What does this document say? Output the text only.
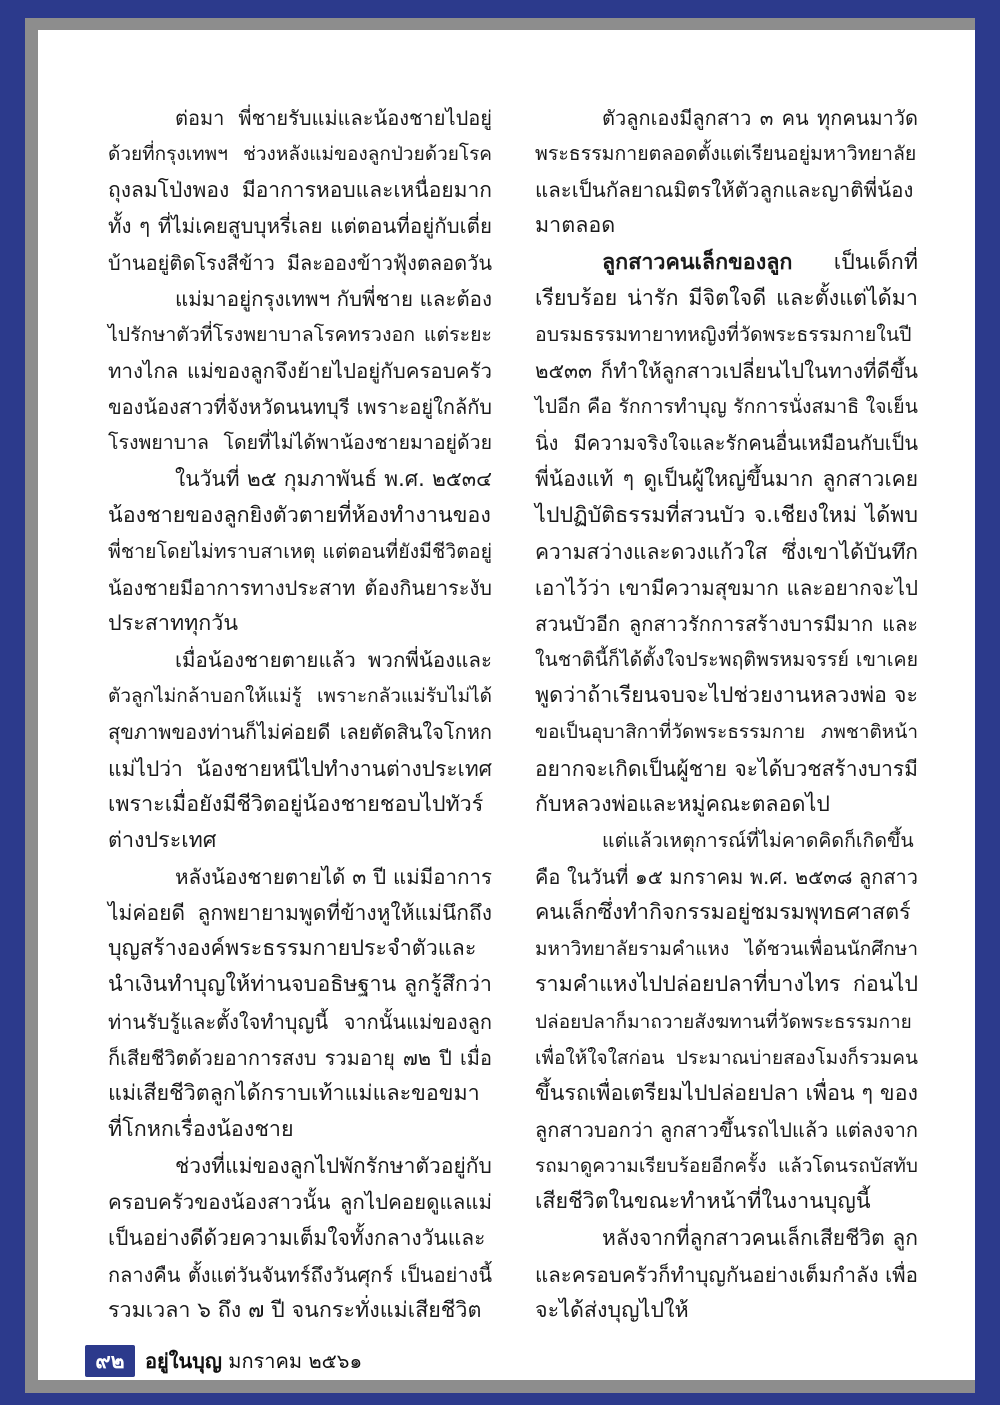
ต่อมา พี่ชายรับแม่และน้องชายไปอยู่
ด้วยที่กรุงเทพฯ ช่วงหลังแม่ของลูกป่วยด้วยโรค
ถุงลมโป่งพอง มีอาการหอบและเหนื่อยมาก
ทั้ง ๆ ที่ไม่เคยสูบบุหรี่เลย แต่ตอนที่อยู่กับเตี่ย
บ้านอยู่ติดโรงสีข้าว มีละอองข้าวฟุ้งตลอดวัน
แม่มาอยู่กรุงเทพฯ กับพี่ชาย และต้อง
ไปรักษาตัวที่โรงพยาบาลโรคทรวงอก แต่ระยะ
ทางไกล แม่ของลูกจึงย้ายไปอยู่กับครอบครัว
ของน้องสาวที่จังหวัดนนทบุรี เพราะอยู่ใกล้กับ
โรงพยาบาล โดยที่ไม่ได้พาน้องชายมาอยู่ด้วย
ในวันที่ ๒๕ กุมภาพันธ์ พ.ศ. ๒๕๓๔
น้องชายของลูกยิงตัวตายที่ห้องทำงานของ
พี่ชายโดยไม่ทราบสาเหตุ แต่ตอนที่ยังมีชีวิตอยู่
น้องชายมีอาการทางประสาท ต้องกินยาระงับ
ประสาททุกวัน
เมื่อน้องชายตายแล้ว พวกพี่น้องและ
ตัวลูกไม่กล้าบอกให้แม่รู้ เพราะกลัวแม่รับไม่ได้
สุขภาพของท่านก็ไม่ค่อยดี เลยตัดสินใจโกหก
แม่ไปว่า น้องชายหนีไปทำงานต่างประเทศ
เพราะเมื่อยังมีชีวิตอยู่น้องชายชอบไปทัวร์
ต่างประเทศ
หลังน้องชายตายได้ ๓ ปี แม่มีอาการ
ไม่ค่อยดี ลูกพยายามพูดที่ข้างหูให้แม่นึกถึง
บุญสร้างองค์พระธรรมกายประจำตัวและ
นำเงินทำบุญให้ท่านจบอธิษฐาน ลูกรู้สึกว่า
ท่านรับรู้และตั้งใจทำบุญนี้ จากนั้นแม่ของลูก
ก็เสียชีวิตด้วยอาการสงบ รวมอายุ ๗๒ ปี เมื่อ
แม่เสียชีวิตลูกได้กราบเท้าแม่และขอขมา
ที่โกหกเรื่องน้องชาย
ช่วงที่แม่ของลูกไปพักรักษาตัวอยู่กับ
ครอบครัวของน้องสาวนั้น ลูกไปคอยดูแลแม่
เป็นอย่างดีด้วยความเต็มใจทั้งกลางวันและ
กลางคืน ตั้งแต่วันจันทร์ถึงวันศุกร์ เป็นอย่างนี้
รวมเวลา ๖ ถึง ๗ ปี จนกระทั่งแม่เสียชีวิต
ตัวลูกเองมีลูกสาว ๓ คน ทุกคนมาวัด
พระธรรมกายตลอดตั้งแต่เรียนอยู่มหาวิทยาลัย
และเป็นกัลยาณมิตรให้ตัวลูกและญาติพี่น้อง
มาตลอด
ลูกสาวคนเล็กของลูก เป็นเด็กที่
เรียบร้อย น่ารัก มีจิตใจดี และตั้งแต่ได้มา
อบรมธรรมทายาทหญิงที่วัดพระธรรมกายในปี
๒๕๓๓ ก็ทำให้ลูกสาวเปลี่ยนไปในทางที่ดีขึ้น
ไปอีก คือ รักการทำบุญ รักการนั่งสมาธิ ใจเย็น
นิ่ง มีความจริงใจและรักคนอื่นเหมือนกับเป็น
พี่น้องแท้ ๆ ดูเป็นผู้ใหญ่ขึ้นมาก ลูกสาวเคย
ไปปฏิบัติธรรมที่สวนบัว จ.เชียงใหม่ ได้พบ
ความสว่างและดวงแก้วใส ซึ่งเขาได้บันทึก
เอาไว้ว่า เขามีความสุขมาก และอยากจะไป
สวนบัวอีก ลูกสาวรักการสร้างบารมีมาก และ
ในชาตินี้ก็ได้ตั้งใจประพฤติพรหมจรรย์ เขาเคย
พูดว่าถ้าเรียนจบจะไปช่วยงานหลวงพ่อ จะ
ขอเป็นอุบาสิกาที่วัดพระธรรมกาย ภพชาติหน้า
อยากจะเกิดเป็นผู้ชาย จะได้บวชสร้างบารมี
กับหลวงพ่อและหมู่คณะตลอดไป
แต่แล้วเหตุการณ์ที่ไม่คาดคิดก็เกิดขึ้น
คือ ในวันที่ ๑๕ มกราคม พ.ศ. ๒๕๓๘ ลูกสาว
คนเล็กซึ่งทำกิจกรรมอยู่ชมรมพุทธศาสตร์
มหาวิทยาลัยรามคำแหง ได้ชวนเพื่อนนักศึกษา
รามคำแหงไปปล่อยปลาที่บางไทร ก่อนไป
ปล่อยปลาก็มาถวายสังฆทานที่วัดพระธรรมกาย
เพื่อให้ใจใสก่อน ประมาณบ่ายสองโมงก็รวมคน
ขึ้นรถเพื่อเตรียมไปปล่อยปลา เพื่อน ๆ ของ
ลูกสาวบอกว่า ลูกสาวขึ้นรถไปแล้ว แต่ลงจาก
รถมาดูความเรียบร้อยอีกครั้ง แล้วโดนรถบัสทับ
เสียชีวิตในขณะทำหน้าที่ในงานบุญนี้
หลังจากที่ลูกสาวคนเล็กเสียชีวิต ลูก
และครอบครัวก็ทำบุญกันอย่างเต็มกำลัง เพื่อ
จะได้ส่งบุญไปให้
๙๒	อยู่ในบุญ มกราคม ๒๕๖๑
